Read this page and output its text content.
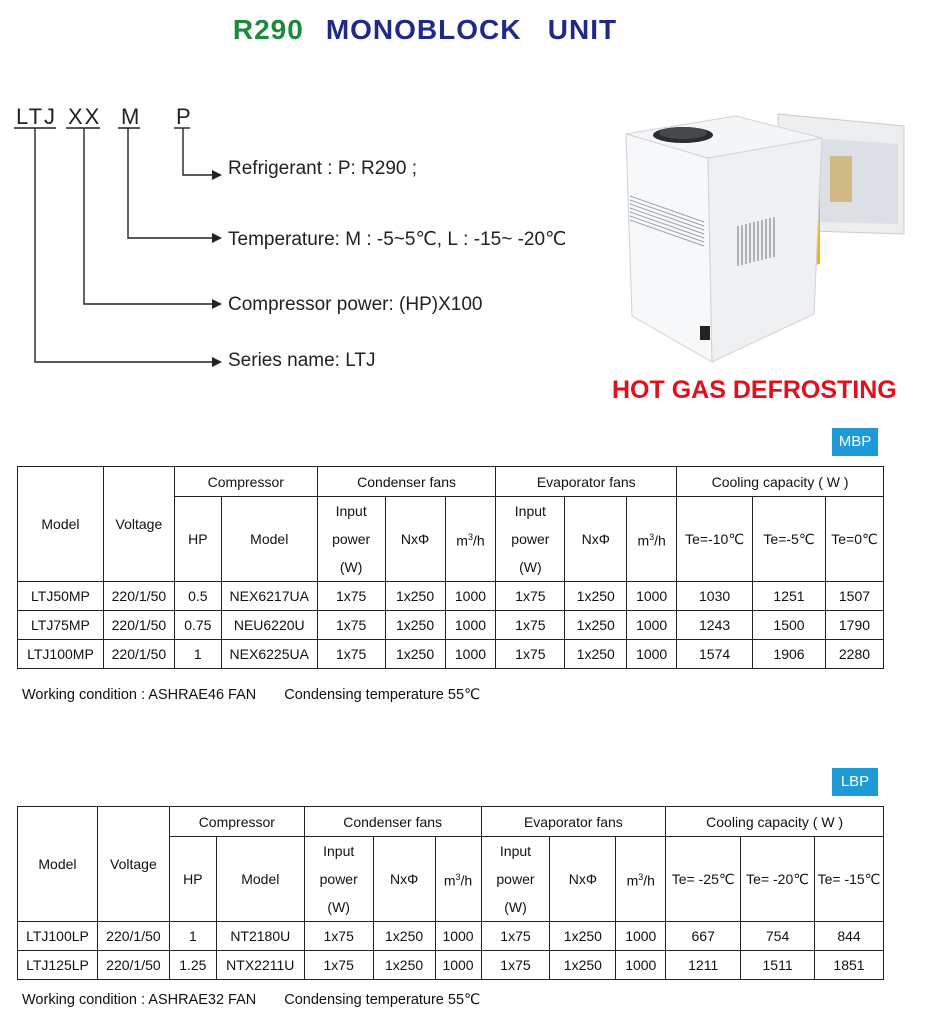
R290 MONOBLOCK   UNIT
LTJ XX M P
Refrigerant : P: R290 ;
Temperature: M : -5~5℃, L : -15~ -20℃
Compressor power: (HP)X100
Series name: LTJ
HOT GAS DEFROSTING
MBP
Model	Voltage	Compressor		Condenser fans			Evaporator fans			Cooling capacity ( W )		
		HP	Model	Input
power
(W)	NxΦ	$m^3/h$	Input
power
(W)	NxΦ	$m^3/h$	Te=-10℃	Te=-5℃	Te=0℃
LTJ50MP	220/1/50	0.5	NEX6217UA	1x75	1x250	1000	1x75	1x250	1000	1030	1251	1507
LTJ75MP	220/1/50	0.75	NEU6220U	1x75	1x250	1000	1x75	1x250	1000	1243	1500	1790
LTJ100MP	220/1/50	1	NEX6225UA	1x75	1x250	1000	1x75	1x250	1000	1574	1906	2280
Working condition : ASHRAE46 FAN Condensing temperature 55℃
LBP
Model	Voltage	Compressor		Condenser fans			Evaporator fans			Cooling capacity ( W )		
		HP	Model	Input
power
(W)	NxΦ	$m^3/h$	Input
power
(W)	NxΦ	$m^3/h$	Te= -25℃	Te= -20℃	Te= -15℃
LTJ100LP	220/1/50	1	NT2180U	1x75	1x250	1000	1x75	1x250	1000	667	754	844
LTJ125LP	220/1/50	1.25	NTX2211U	1x75	1x250	1000	1x75	1x250	1000	1211	1511	1851
Working condition : ASHRAE32 FAN Condensing temperature 55℃
